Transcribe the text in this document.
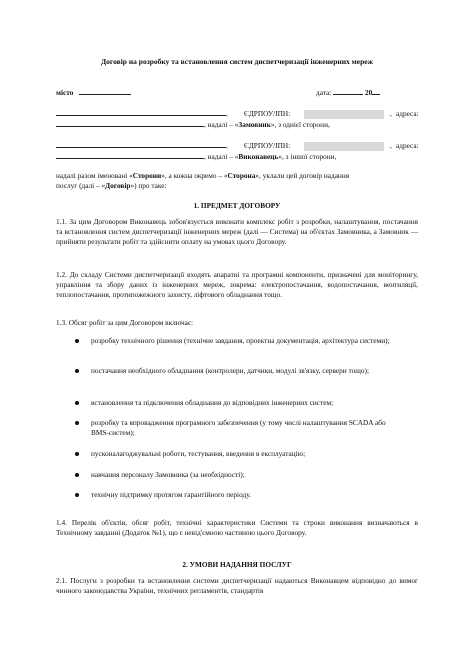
Договір на розробку та встановлення систем диспетчеризації інженерних мереж
місто	дата:	20
, ЄДРПОУ/ІПН:	, адреса:
, надалі – «Замовник», з однієї сторони,
, ЄДРПОУ/ІПН:	, адреса:
, надалі – «Виконавець», з іншої сторони,
надалі разом іменовані «Сторони», а кожна окремо – «Сторона», уклали цей договір надання
послуг (далі – «Договір») про таке:
1. ПРЕДМЕТ ДОГОВОРУ
1.1. За цим Договором Виконавець зобов'язується виконати комплекс робіт з розробки, налаштування, постачання та встановлення систем диспетчеризації інженерних мереж (далі — Система) на об'єктах Замовника, а Замовник — прийняти результати робіт та здійснити оплату на умовах цього Договору.
1.2. До складу Системи диспетчеризації входять апаратні та програмні компоненти, призначені для моніторингу, управління та збору даних із інженерних мереж, зокрема: електропостачання, водопостачання, вентиляції, теплопостачання, протипожежного захисту, ліфтового обладнання тощо.
1.3. Обсяг робіт за цим Договором включає:
розробку технічного рішення (технічне завдання, проектна документація, архітектура системи);
постачання необхідного обладнання (контролери, датчики, модулі зв'язку, сервери тощо);
встановлення та підключення обладнання до відповідних інженерних систем;
розробку та впровадження програмного забезпечення (у тому числі налаштування SCADA або BMS-систем);
пусконалагоджувальні роботи, тестування, введення в експлуатацію;
навчання персоналу Замовника (за необхідності);
технічну підтримку протягом гарантійного періоду.
1.4. Перелік об'єктів, обсяг робіт, технічні характеристики Системи та строки виконання визначаються в Технічному завданні (Додаток №1), що є невід'ємною частиною цього Договору.
2. УМОВИ НАДАННЯ ПОСЛУГ
2.1. Послуги з розробки та встановлення системи диспетчеризації надаються Виконавцем відповідно до вимог чинного законодавства України, технічних регламентів, стандартів
